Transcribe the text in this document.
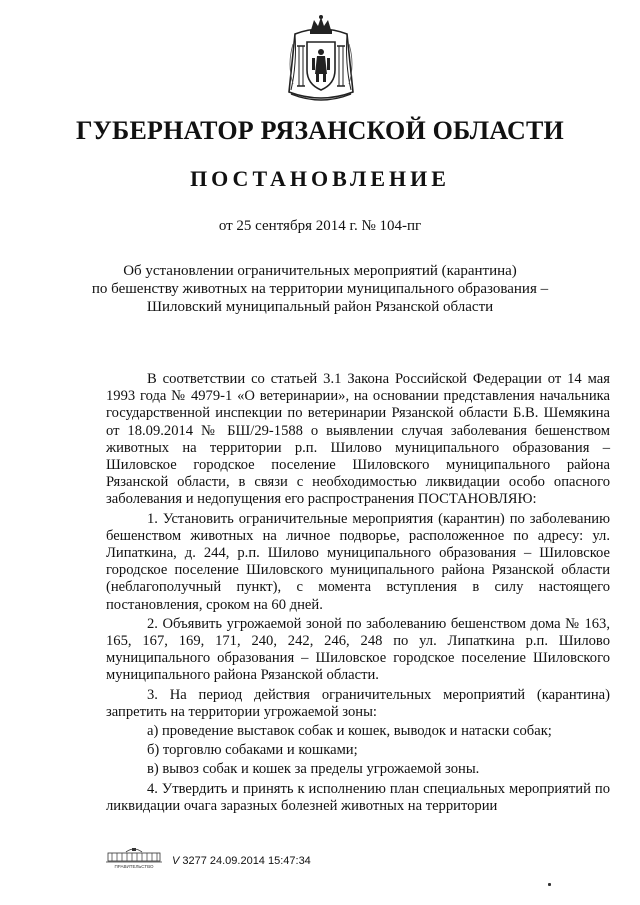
ГУБЕРНАТОР РЯЗАНСКОЙ ОБЛАСТИ
ПОСТАНОВЛЕНИЕ
от 25 сентября 2014 г. № 104-пг
Об установлении ограничительных мероприятий (карантина)
по бешенству животных на территории муниципального образования –
Шиловский муниципальный район Рязанской области

В соответствии со статьей 3.1 Закона Российской Федерации от 14 мая 1993 года № 4979-1 «О ветеринарии», на основании представления начальника государственной инспекции по ветеринарии Рязанской области Б.В. Шемякина от 18.09.2014 № БШ/29-1588 о выявлении случая заболевания бешенством животных на территории р.п. Шилово муниципального образования – Шиловское городское поселение Шиловского муниципального района Рязанской области, в связи с необходимостью ликвидации особо опасного заболевания и недопущения его распространения ПОСТАНОВЛЯЮ:

1. Установить ограничительные мероприятия (карантин) по заболеванию бешенством животных на личное подворье, расположенное по адресу: ул. Липаткина, д. 244, р.п. Шилово муниципального образования – Шиловское городское поселение Шиловского муниципального района Рязанской области (неблагополучный пункт), с момента вступления в силу настоящего постановления, сроком на 60 дней.

2. Объявить угрожаемой зоной по заболеванию бешенством дома № 163, 165, 167, 169, 171, 240, 242, 246, 248 по ул. Липаткина р.п. Шилово муниципального образования – Шиловское городское поселение Шиловского муниципального района Рязанской области.

3. На период действия ограничительных мероприятий (карантина) запретить на территории угрожаемой зоны:

а) проведение выставок собак и кошек, выводок и натаски собак;

б) торговлю собаками и кошками;

в) вывоз собак и кошек за пределы угрожаемой зоны.

4. Утвердить и принять к исполнению план специальных мероприятий по ликвидации очага заразных болезней животных на территории

ПРАВИТЕЛЬСТВО V 3277 24.09.2014 15:47:34
